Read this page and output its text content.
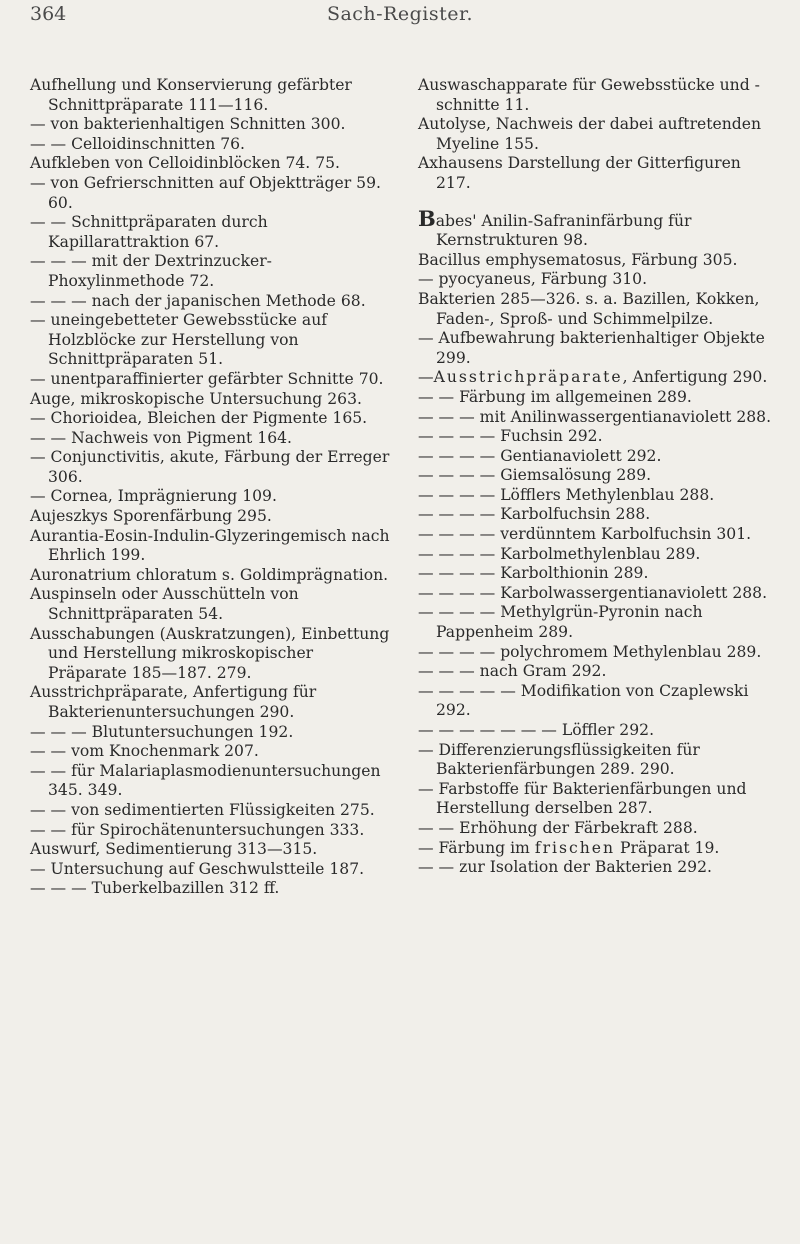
364	Sach-Register.

Aufhellung und Konservierung gefärbter Schnittpräparate 111—116.

— von bakterienhaltigen Schnitten 300.

— — Celloidinschnitten 76.

Aufkleben von Celloidinblöcken 74. 75.

— von Gefrierschnitten auf Objektträger 59. 60.

— — Schnittpräparaten durch Kapillarattraktion 67.

— — — mit der Dextrinzucker-Phoxylinmethode 72.

— — — nach der japanischen Methode 68.

— uneingebetteter Gewebsstücke auf Holzblöcke zur Herstellung von Schnittpräparaten 51.

— unentparaffinierter gefärbter Schnitte 70.

Auge, mikroskopische Untersuchung 263.

— Chorioidea, Bleichen der Pigmente 165.

— — Nachweis von Pigment 164.

— Conjunctivitis, akute, Färbung der Erreger 306.

— Cornea, Imprägnierung 109.

Aujeszkys Sporenfärbung 295.

Aurantia-Eosin-Indulin-Glyzeringemisch nach Ehrlich 199.

Auronatrium chloratum s. Goldimprägnation.

Auspinseln oder Ausschütteln von Schnittpräparaten 54.

Ausschabungen (Auskratzungen), Einbettung und Herstellung mikroskopischer Präparate 185—187. 279.

Ausstrichpräparate, Anfertigung für Bakterienuntersuchungen 290.

— — — Blutuntersuchungen 192.

— — vom Knochenmark 207.

— — für Malariaplasmodienuntersuchungen 345. 349.

— — von sedimentierten Flüssigkeiten 275.

— — für Spirochätenuntersuchungen 333.

Auswurf, Sedimentierung 313—315.

— Untersuchung auf Geschwulstteile 187.

— — — Tuberkelbazillen 312 ff.

Auswaschapparate für Gewebsstücke und -schnitte 11.

Autolyse, Nachweis der dabei auftretenden Myeline 155.

Axhausens Darstellung der Gitterfiguren 217.

Babes' Anilin-Safraninfärbung für Kernstrukturen 98.

Bacillus emphysematosus, Färbung 305.

— pyocyaneus, Färbung 310.

Bakterien 285—326. s. a. Bazillen, Kokken, Faden-, Sproß- und Schimmelpilze.

— Aufbewahrung bakterienhaltiger Objekte 299.

—Ausstrichpräparate, Anfertigung 290.

— — Färbung im allgemeinen 289.

— — — mit Anilinwassergentianaviolett 288.

— — — — Fuchsin 292.

— — — — Gentianaviolett 292.

— — — — Giemsalösung 289.

— — — — Löfflers Methylenblau 288.

— — — — Karbolfuchsin 288.

— — — — verdünntem Karbolfuchsin 301.

— — — — Karbolmethylenblau 289.

— — — — Karbolthionin 289.

— — — — Karbolwassergentianaviolett 288.

— — — — Methylgrün-Pyronin nach Pappenheim 289.

— — — — polychromem Methylenblau 289.

— — — nach Gram 292.

— — — — — Modifikation von Czaplewski 292.

— — — — — — — Löffler 292.

— Differenzierungsflüssigkeiten für Bakterienfärbungen 289. 290.

— Farbstoffe für Bakterienfärbungen und Herstellung derselben 287.

— — Erhöhung der Färbekraft 288.

— Färbung im frischen Präparat 19.

— — zur Isolation der Bakterien 292.
